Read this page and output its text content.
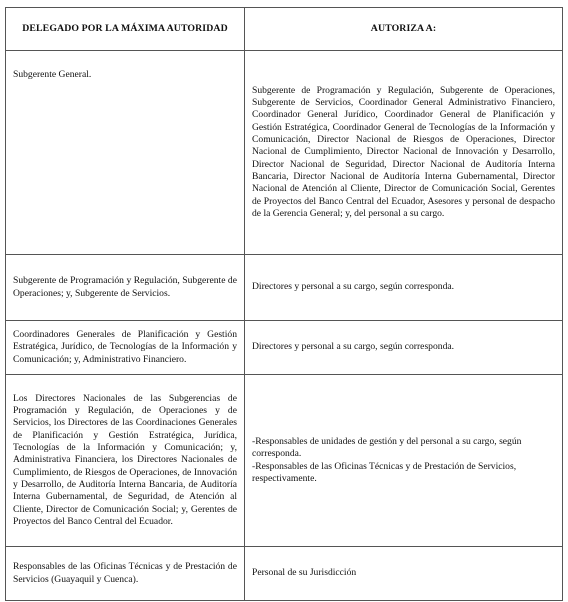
DELEGADO POR LA MÁXIMA AUTORIDAD	AUTORIZA A:
Subgerente General.	Subgerente de Programación y Regulación, Subgerente de Operaciones, Subgerente de Servicios, Coordinador General Administrativo Financiero, Coordinador General Jurídico, Coordinador General de Planificación y Gestión Estratégica, Coordinador General de Tecnologías de la Información y Comunicación, Director Nacional de Riesgos de Operaciones, Director Nacional de Cumplimiento, Director Nacional de Innovación y Desarrollo, Director Nacional de Seguridad, Director Nacional de Auditoría Interna Bancaria, Director Nacional de Auditoría Interna Gubernamental, Director Nacional de Atención al Cliente, Director de Comunicación Social, Gerentes de Proyectos del Banco Central del Ecuador, Asesores y personal de despacho de la Gerencia General; y, del personal a su cargo.
Subgerente de Programación y Regulación, Subgerente de Operaciones; y, Subgerente de Servicios.	Directores y personal a su cargo, según corresponda.
Coordinadores Generales de Planificación y Gestión Estratégica, Jurídico, de Tecnologías de la Información y Comunicación; y, Administrativo Financiero.	Directores y personal a su cargo, según corresponda.
Los Directores Nacionales de las Subgerencias de Programación y Regulación, de Operaciones y de Servicios, los Directores de las Coordinaciones Generales de Planificación y Gestión Estratégica, Jurídica, Tecnologías de la Información y Comunicación; y, Administrativa Financiera, los Directores Nacionales de Cumplimiento, de Riesgos de Operaciones, de Innovación y Desarrollo, de Auditoría Interna Bancaria, de Auditoría Interna Gubernamental, de Seguridad, de Atención al Cliente, Director de Comunicación Social; y, Gerentes de Proyectos del Banco Central del Ecuador.	-Responsables de unidades de gestión y del personal a su cargo, según corresponda.
-Responsables de las Oficinas Técnicas y de Prestación de Servicios, respectivamente.

Responsables de las Oficinas Técnicas y de Prestación de Servicios (Guayaquil y Cuenca).	Personal de su Jurisdicción
